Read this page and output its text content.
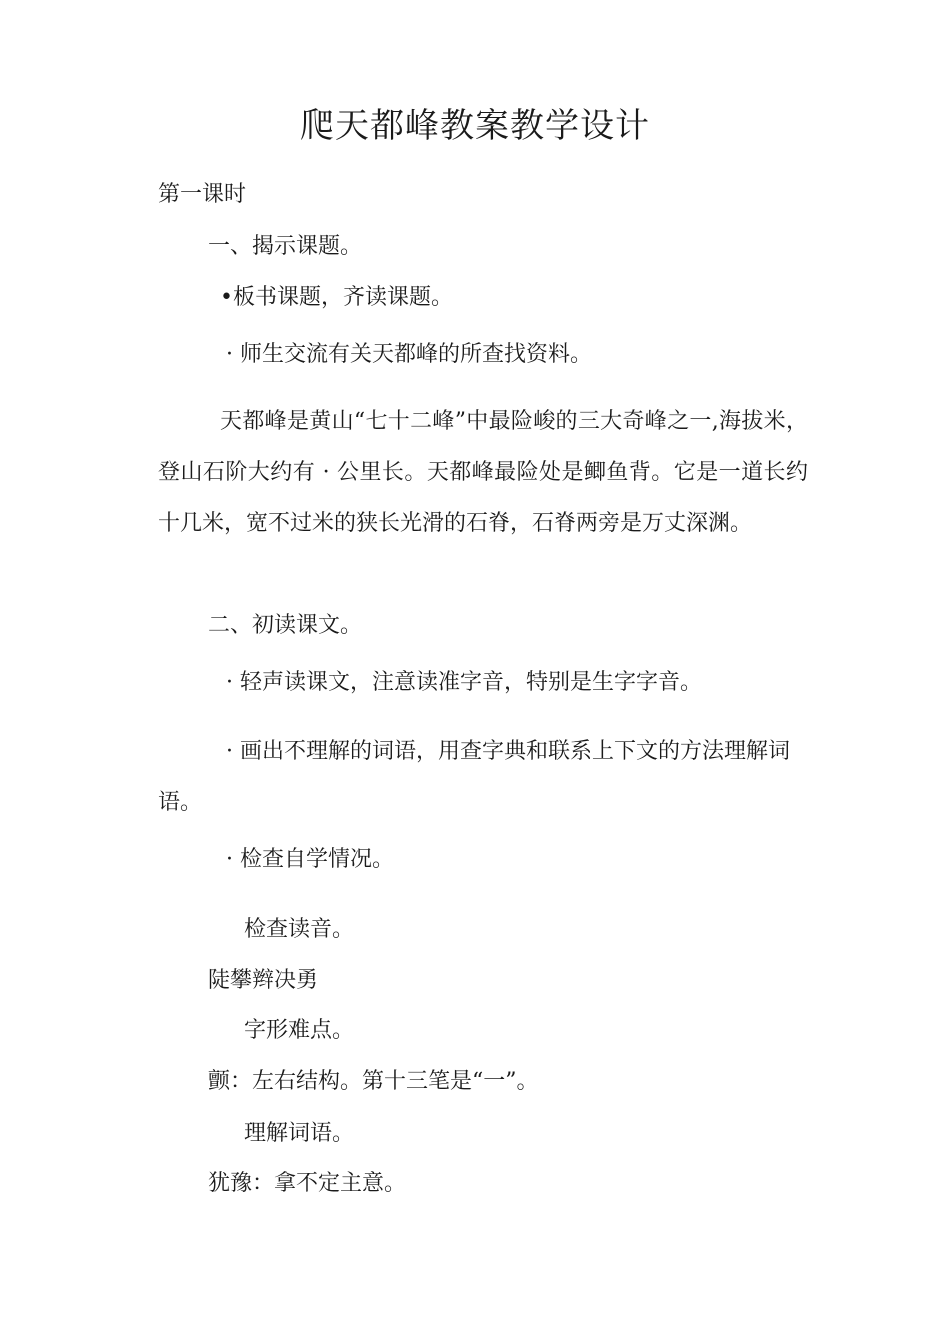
爬天都峰教案教学设计

第一课时

一、揭示课题。

•板书课题，齐读课题。

· 师生交流有关天都峰的所查找资料。

天都峰是黄山“七十二峰”中最险峻的三大奇峰之一,海拔米，登山石阶大约有 · 公里长。天都峰最险处是鲫鱼背。它是一道长约十几米，宽不过米的狭长光滑的石脊，石脊两旁是万丈深渊。

二、初读课文。

· 轻声读课文，注意读准字音，特别是生字字音。

· 画出不理解的词语，用查字典和联系上下文的方法理解词语。

· 检查自学情况。

检查读音。

陡攀辫决勇

字形难点。

颤：左右结构。第十三笔是“一”。

理解词语。

犹豫：拿不定主意。
